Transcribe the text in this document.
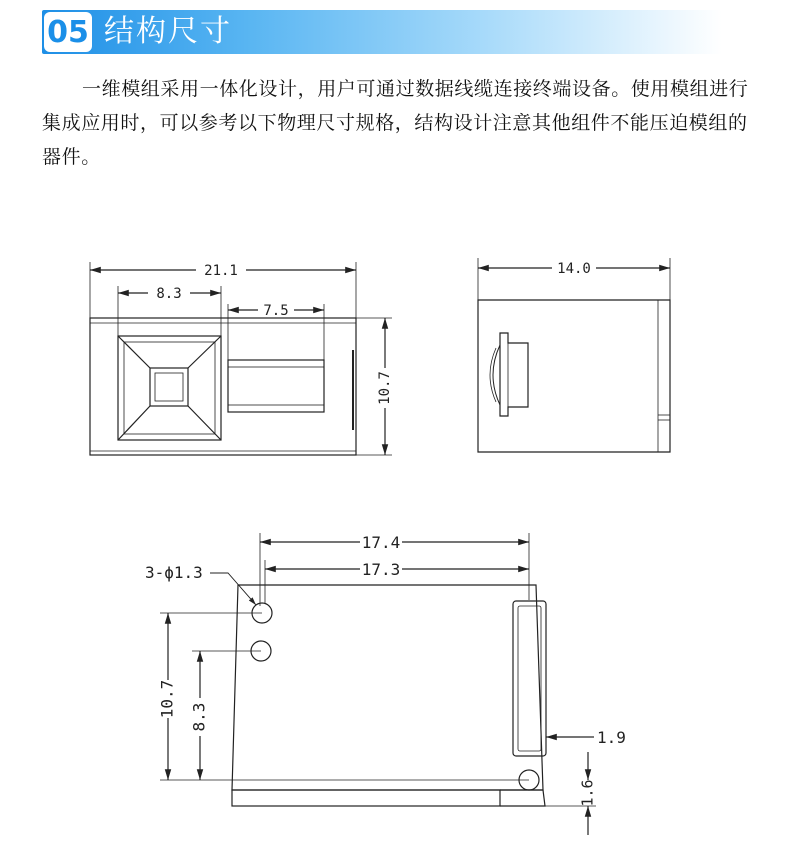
05 结构尺寸
一维模组采用一体化设计，用户可通过数据线缆连接终端设备。使用模组进行集成应用时，可以参考以下物理尺寸规格，结构设计注意其他组件不能压迫模组的器件。
21.1
8.3
7.5
10.7
14.0
17.4
17.3
3-ϕ1.3
10.7 8.3
1.9
1.6
